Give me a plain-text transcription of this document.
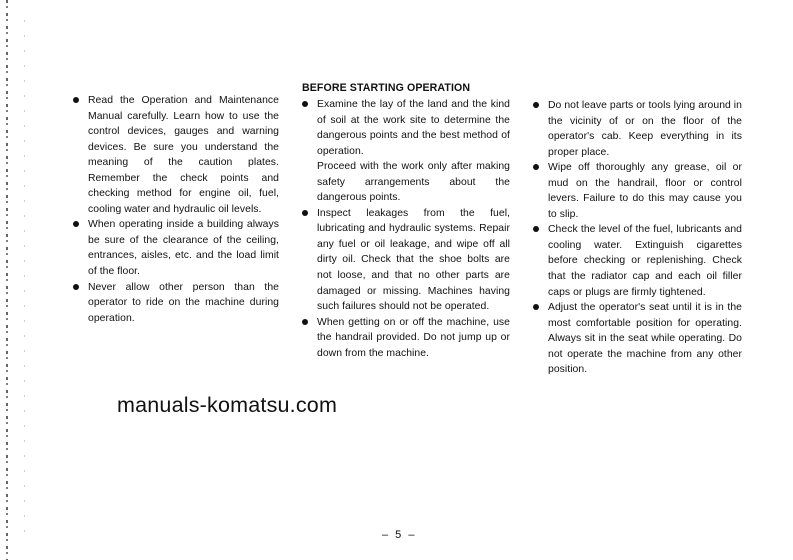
Read the Operation and Maintenance Manual carefully. Learn how to use the control devices, gauges and warning devices. Be sure you understand the meaning of the caution plates. Remember the check points and checking method for engine oil, fuel, cooling water and hydraulic oil levels.
When operating inside a building always be sure of the clearance of the ceiling, entrances, aisles, etc. and the load limit of the floor.
Never allow other person than the operator to ride on the machine during operation.
BEFORE STARTING OPERATION
Examine the lay of the land and the kind of soil at the work site to determine the dangerous points and the best method of operation.
Proceed with the work only after making safety arrangements about the dangerous points.
Inspect leakages from the fuel, lubricating and hydraulic systems. Repair any fuel or oil leakage, and wipe off all dirty oil. Check that the shoe bolts are not loose, and that no other parts are damaged or missing. Machines having such failures should not be operated.
When getting on or off the machine, use the handrail provided. Do not jump up or down from the machine.
Do not leave parts or tools lying around in the vicinity of or on the floor of the operator's cab. Keep everything in its proper place.
Wipe off thoroughly any grease, oil or mud on the handrail, floor or control levers. Failure to do this may cause you to slip.
Check the level of the fuel, lubricants and cooling water. Extinguish cigarettes before checking or replenishing. Check that the radiator cap and each oil filler caps or plugs are firmly tightened.
Adjust the operator's seat until it is in the most comfortable position for operating. Always sit in the seat while operating. Do not operate the machine from any other position.
manuals-komatsu.com
– 5 –
